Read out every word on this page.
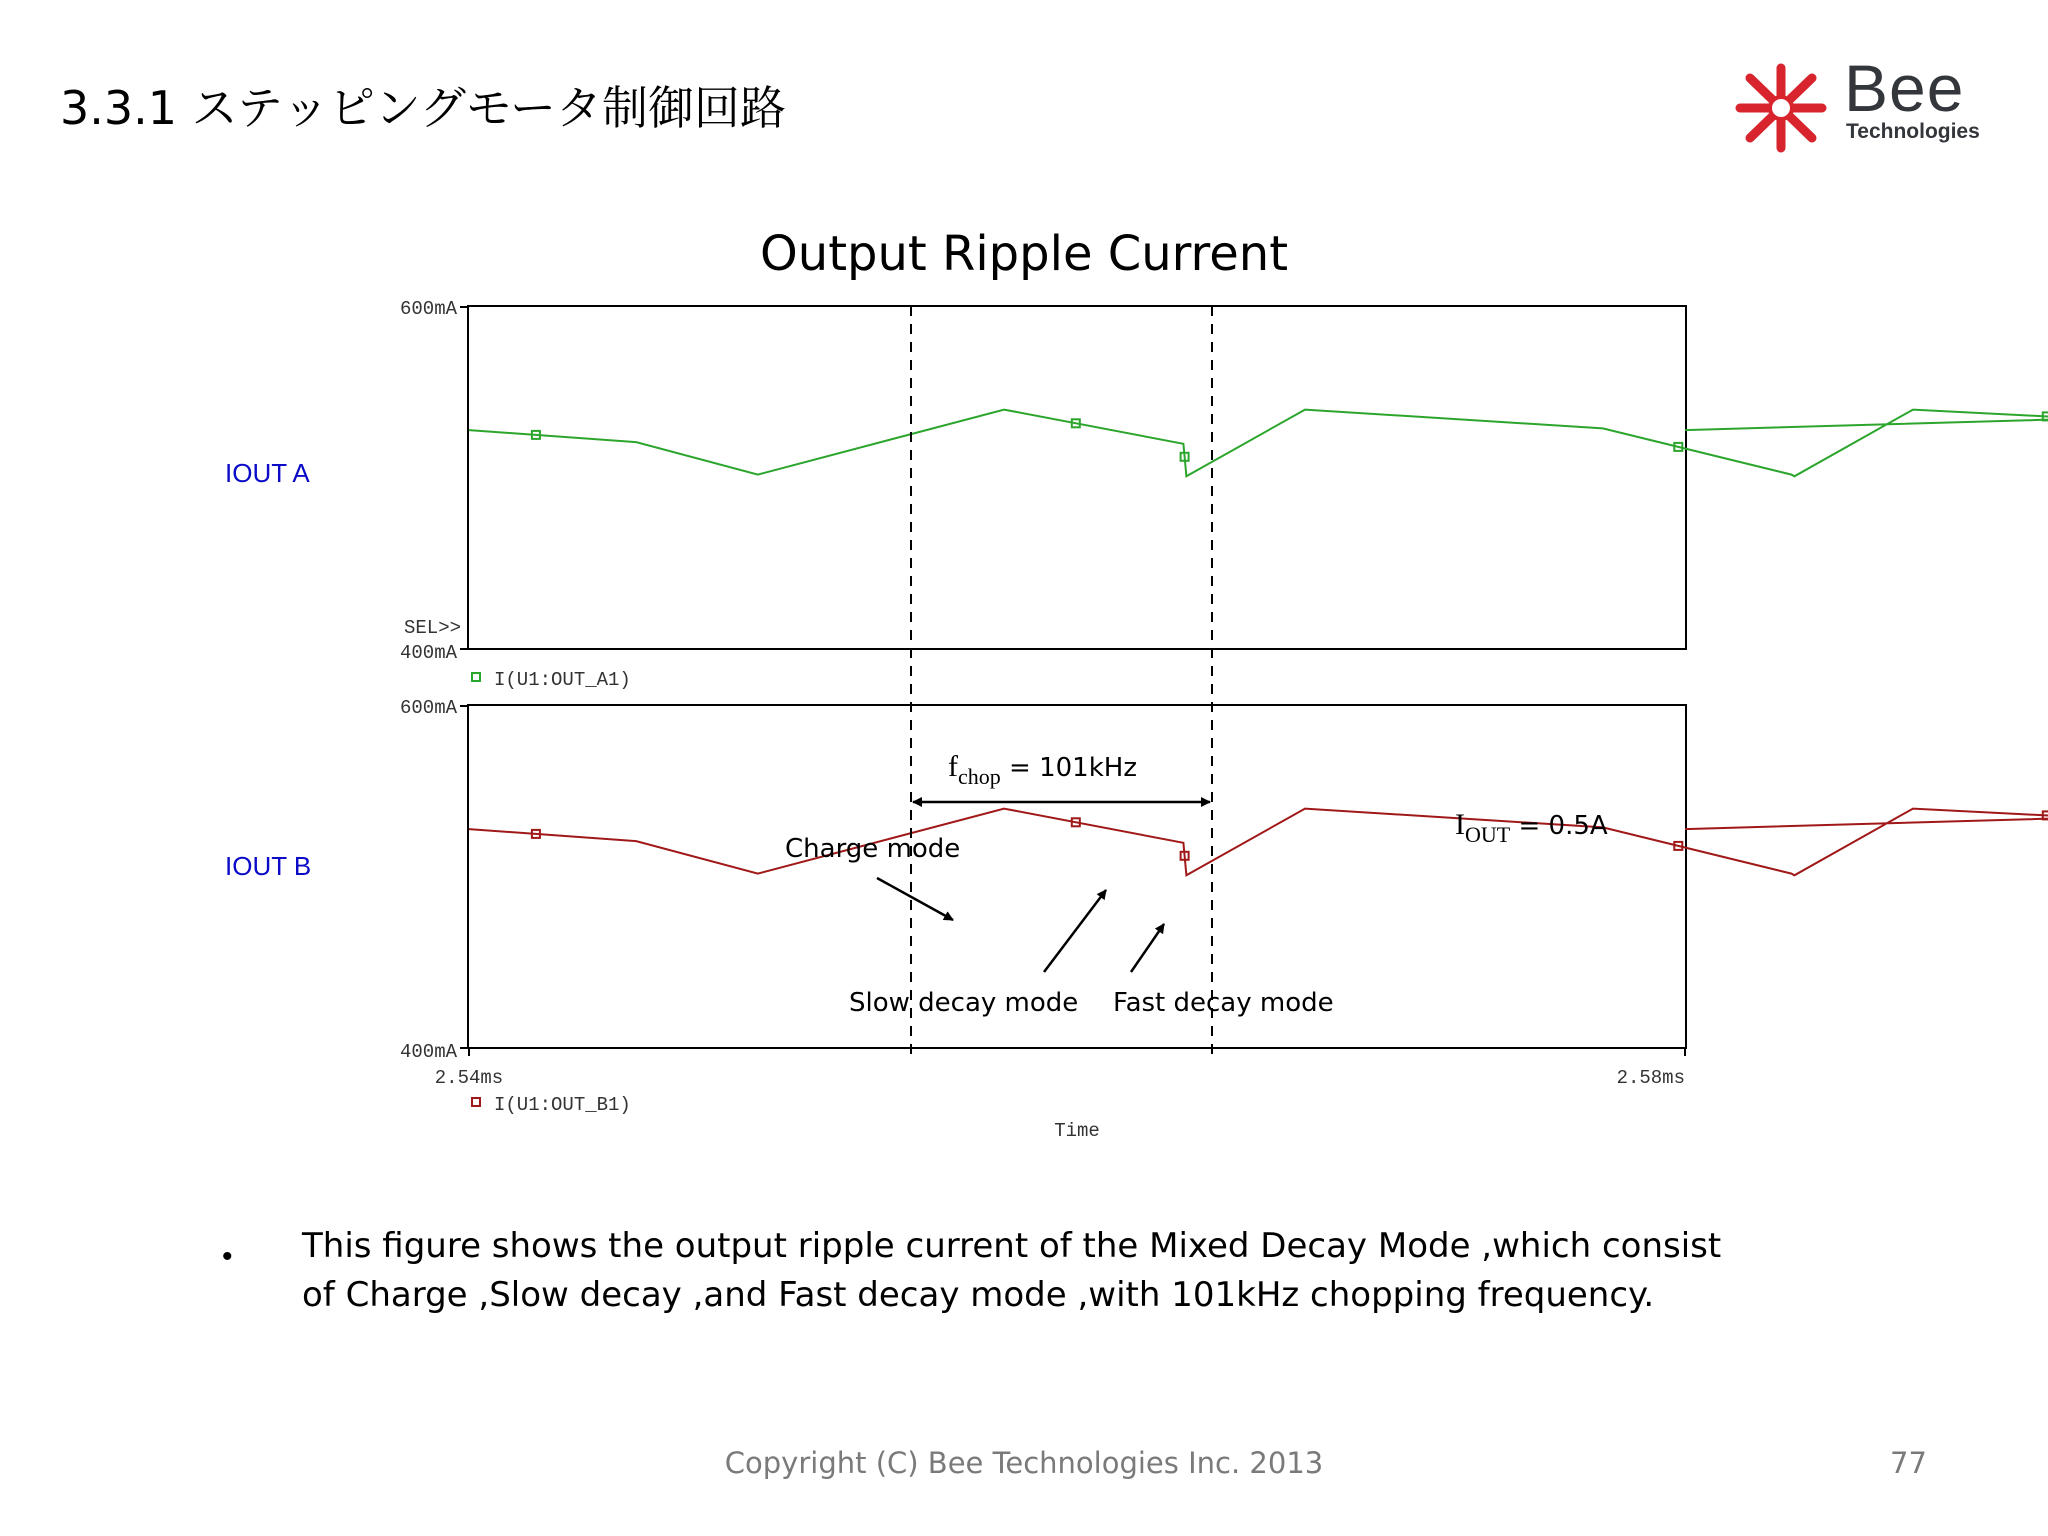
3.3.1 ステッピングモータ制御回路	Bee
Technologies
IOUT A
IOUT B
Output Ripple Current
600mA
SEL>>
400mA
I(U1:OUT_A1)
600mA
400mA
2.54ms	2.58ms
I(U1:OUT_B1)
Time
$f_{chop} = 101kHz$
$I_{OUT} = 0.5A$
Charge mode
Slow decay mode Fast decay mode
• This figure shows the output ripple current of the Mixed Decay Mode ,which consist of Charge ,Slow decay ,and Fast decay mode ,with 101kHz chopping frequency.
Copyright (C) Bee Technologies Inc. 2013	77
